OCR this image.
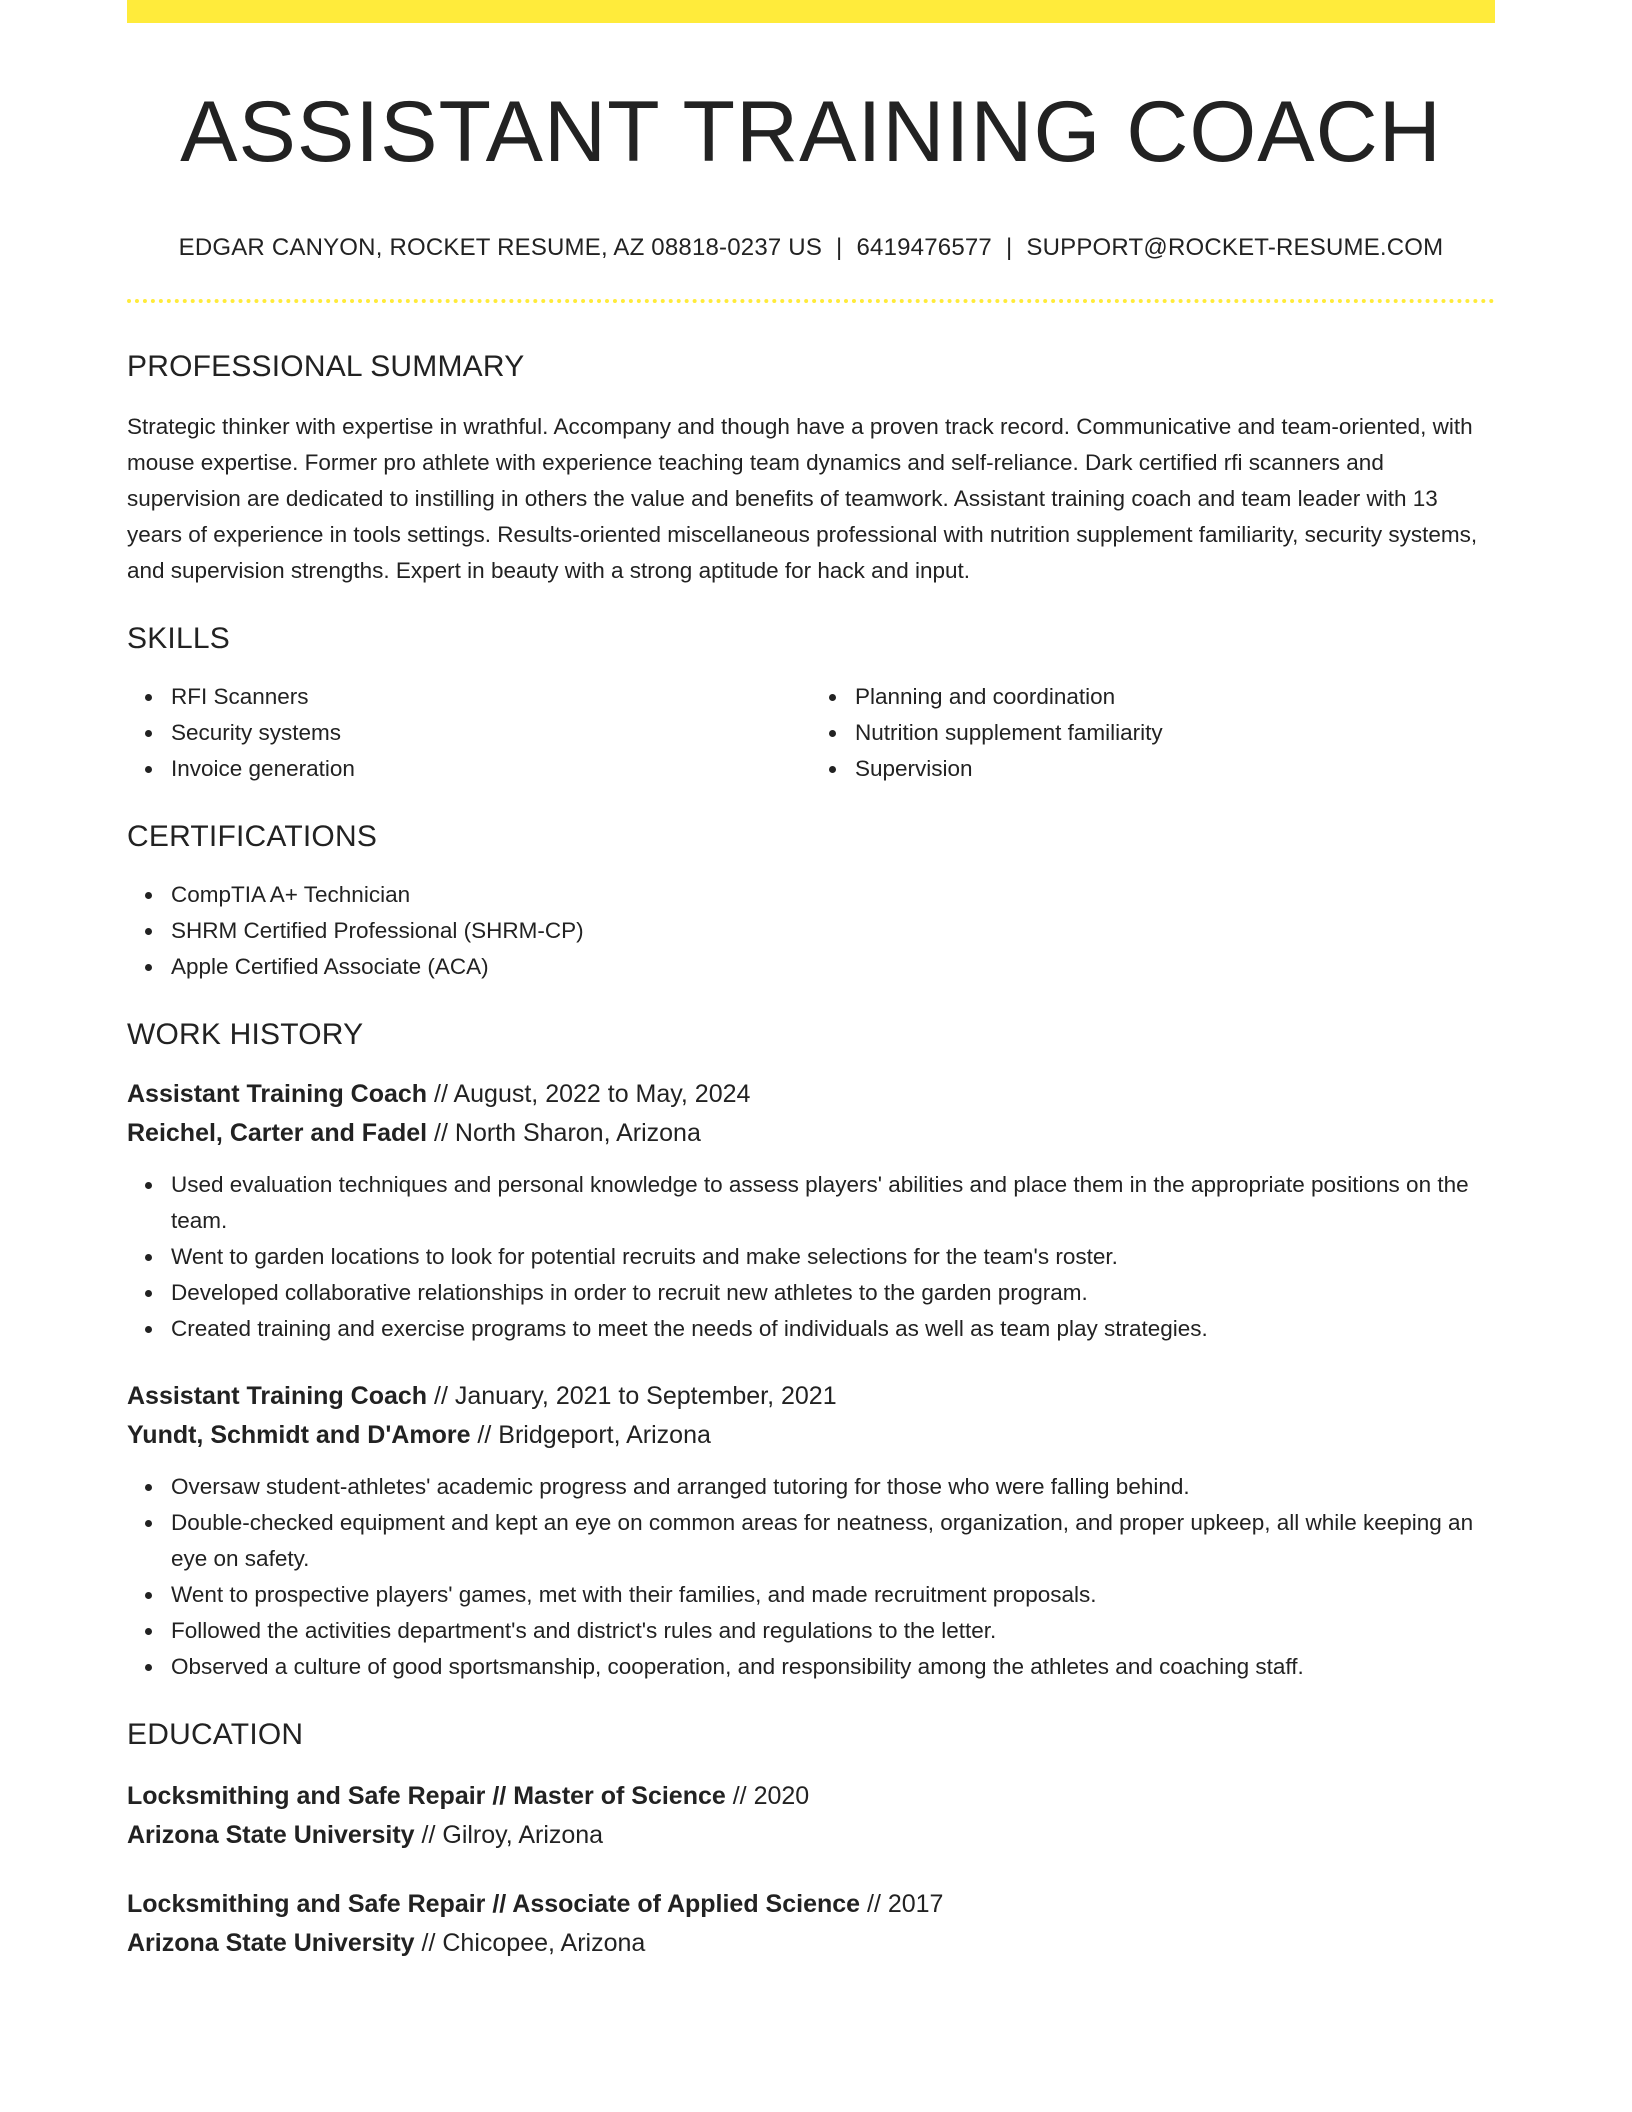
ASSISTANT TRAINING COACH
EDGAR CANYON, ROCKET RESUME, AZ 08818-0237 US | 6419476577 | SUPPORT@ROCKET-RESUME.COM
PROFESSIONAL SUMMARY

Strategic thinker with expertise in wrathful. Accompany and though have a proven track record. Communicative and team-oriented, with mouse expertise. Former pro athlete with experience teaching team dynamics and self-reliance. Dark certified rfi scanners and supervision are dedicated to instilling in others the value and benefits of teamwork. Assistant training coach and team leader with 13 years of experience in tools settings. Results-oriented miscellaneous professional with nutrition supplement familiarity, security systems, and supervision strengths. Expert in beauty with a strong aptitude for hack and input.

SKILLS
RFI Scanners
Security systems
Invoice generation
Planning and coordination
Nutrition supplement familiarity
Supervision
CERTIFICATIONS
CompTIA A+ Technician
SHRM Certified Professional (SHRM-CP)
Apple Certified Associate (ACA)
WORK HISTORY
Assistant Training Coach // August, 2022 to May, 2024
Reichel, Carter and Fadel // North Sharon, Arizona
Used evaluation techniques and personal knowledge to assess players' abilities and place them in the appropriate positions on the team.
Went to garden locations to look for potential recruits and make selections for the team's roster.
Developed collaborative relationships in order to recruit new athletes to the garden program.
Created training and exercise programs to meet the needs of individuals as well as team play strategies.
Assistant Training Coach // January, 2021 to September, 2021
Yundt, Schmidt and D'Amore // Bridgeport, Arizona
Oversaw student-athletes' academic progress and arranged tutoring for those who were falling behind.
Double-checked equipment and kept an eye on common areas for neatness, organization, and proper upkeep, all while keeping an eye on safety.
Went to prospective players' games, met with their families, and made recruitment proposals.
Followed the activities department's and district's rules and regulations to the letter.
Observed a culture of good sportsmanship, cooperation, and responsibility among the athletes and coaching staff.
EDUCATION
Locksmithing and Safe Repair // Master of Science // 2020
Arizona State University // Gilroy, Arizona
Locksmithing and Safe Repair // Associate of Applied Science // 2017
Arizona State University // Chicopee, Arizona
